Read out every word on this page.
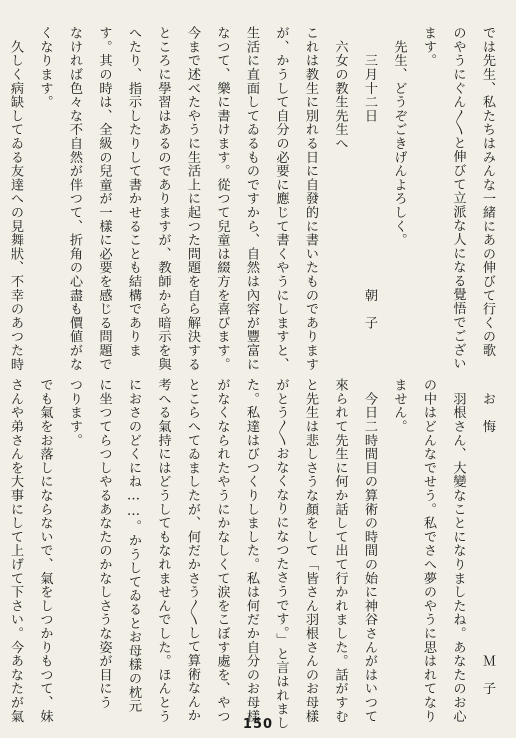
では先生、私たちはみんな一緒にあの伸びて行くの歌
のやうにぐん〳〵と伸びて立派な人になる覺悟でござい
ます。
　先生、どうぞごきげんよろしく。
　　三月十二日　　　　　　　　　　　　朝　子
　六女の教生先生へ
これは教生に別れる日に自發的に書いたものであります
が、かうして自分の必要に應じて書くやうにしますと、
生活に直面してゐるものですから、自然は內容が豐富に
なつて、樂に書けます。從つて兒童は綴方を喜びます。
今まで述べたやうに生活上に起つた問題を自ら解決する
ところに學習はあるのでありますが、教師から暗示を與
へたり、指示したりして書かせることも結構でありま
す。其の時は、全級の兒童が一樣に必要を感じる問題で
なければ色々な不自然が伴つて、折角の心盡も價値がな
くなります。
　久しく病缺してゐる友達への見舞狀、不幸のあつた時
　お　悔　　　　　　　　　　　　　　　　Ｍ　子
　羽根さん、大變なことになりましたね。あなたのお心
の中はどんなでせう。私でさへ夢のやうに思はれてなり
ません。
　今日二時間目の算術の時間の始に神谷さんがはいつて
來られて先生に何か話して出て行かれました。話がすむ
と先生は悲しさうな顏をして「皆さん羽根さんのお母樣
がとう〳〵おなくなりになつたさうです。」と言はれまし
た。私達はびつくりしました。私は何だか自分のお母樣
がなくなられたやうにかなしくて涙をこぼす處を、やつ
とこらへてゐましたが、何だかさう〳〵して算術なんか
考へる氣持にはどうしてもなれませんでした。ほんとう
におさのどくにね……。かうしてゐるとお母樣の枕元
に坐つてらつしやるあなたのかなしさうな姿が目にう
つります。
でも氣をお落しにならないで、氣をしつかりもつて、妹
さんや弟さんを大事にして上げて下さい。今あなたが氣
150
